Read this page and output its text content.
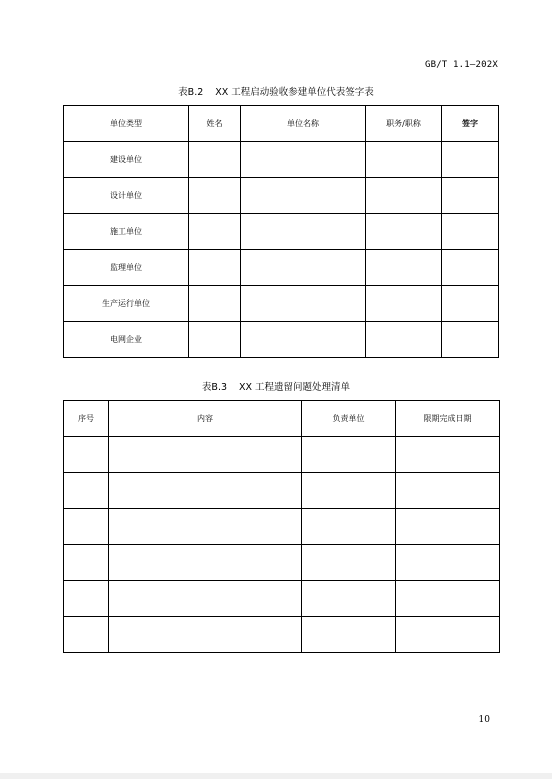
GB/T 1.1—202X
表B.2 XX 工程启动验收参建单位代表签字表
单位类型	姓名	单位名称	职务/职称	签字
建设单位				
设计单位				
施工单位				
监理单位				
生产运行单位				
电网企业				
表B.3 XX 工程遗留问题处理清单
序号	内容	负责单位	限期完成日期

10
